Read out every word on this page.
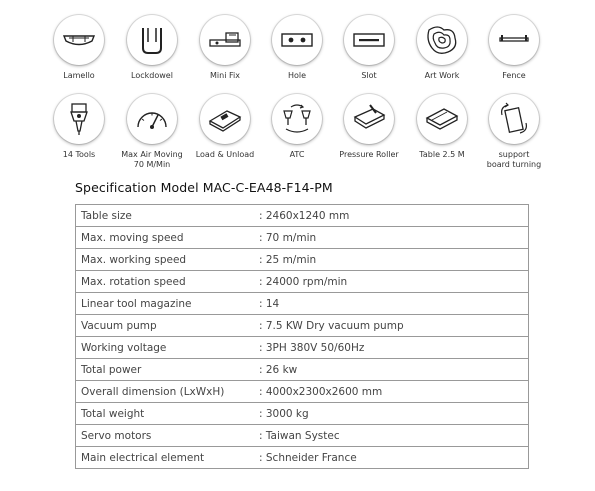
Lamello	Lockdowel	Mini Fix	Hole	Slot	Art Work	Fence
14 Tools	Max Air Moving
70 M/Min
Load & Unload	ATC	Pressure Roller	Table 2.5 M	support
board turning
Specification Model MAC-C-EA48-F14-PM
Table size	: 2460x1240 mm
Max. moving speed	: 70 m/min
Max. working speed	: 25 m/min
Max. rotation speed	: 24000 rpm/min
Linear tool magazine	: 14
Vacuum pump	: 7.5 KW Dry vacuum pump
Working voltage	: 3PH 380V 50/60Hz
Total power	: 26 kw
Overall dimension (LxWxH)	: 4000x2300x2600 mm
Total weight	: 3000 kg
Servo motors	: Taiwan Systec
Main electrical element	: Schneider France
